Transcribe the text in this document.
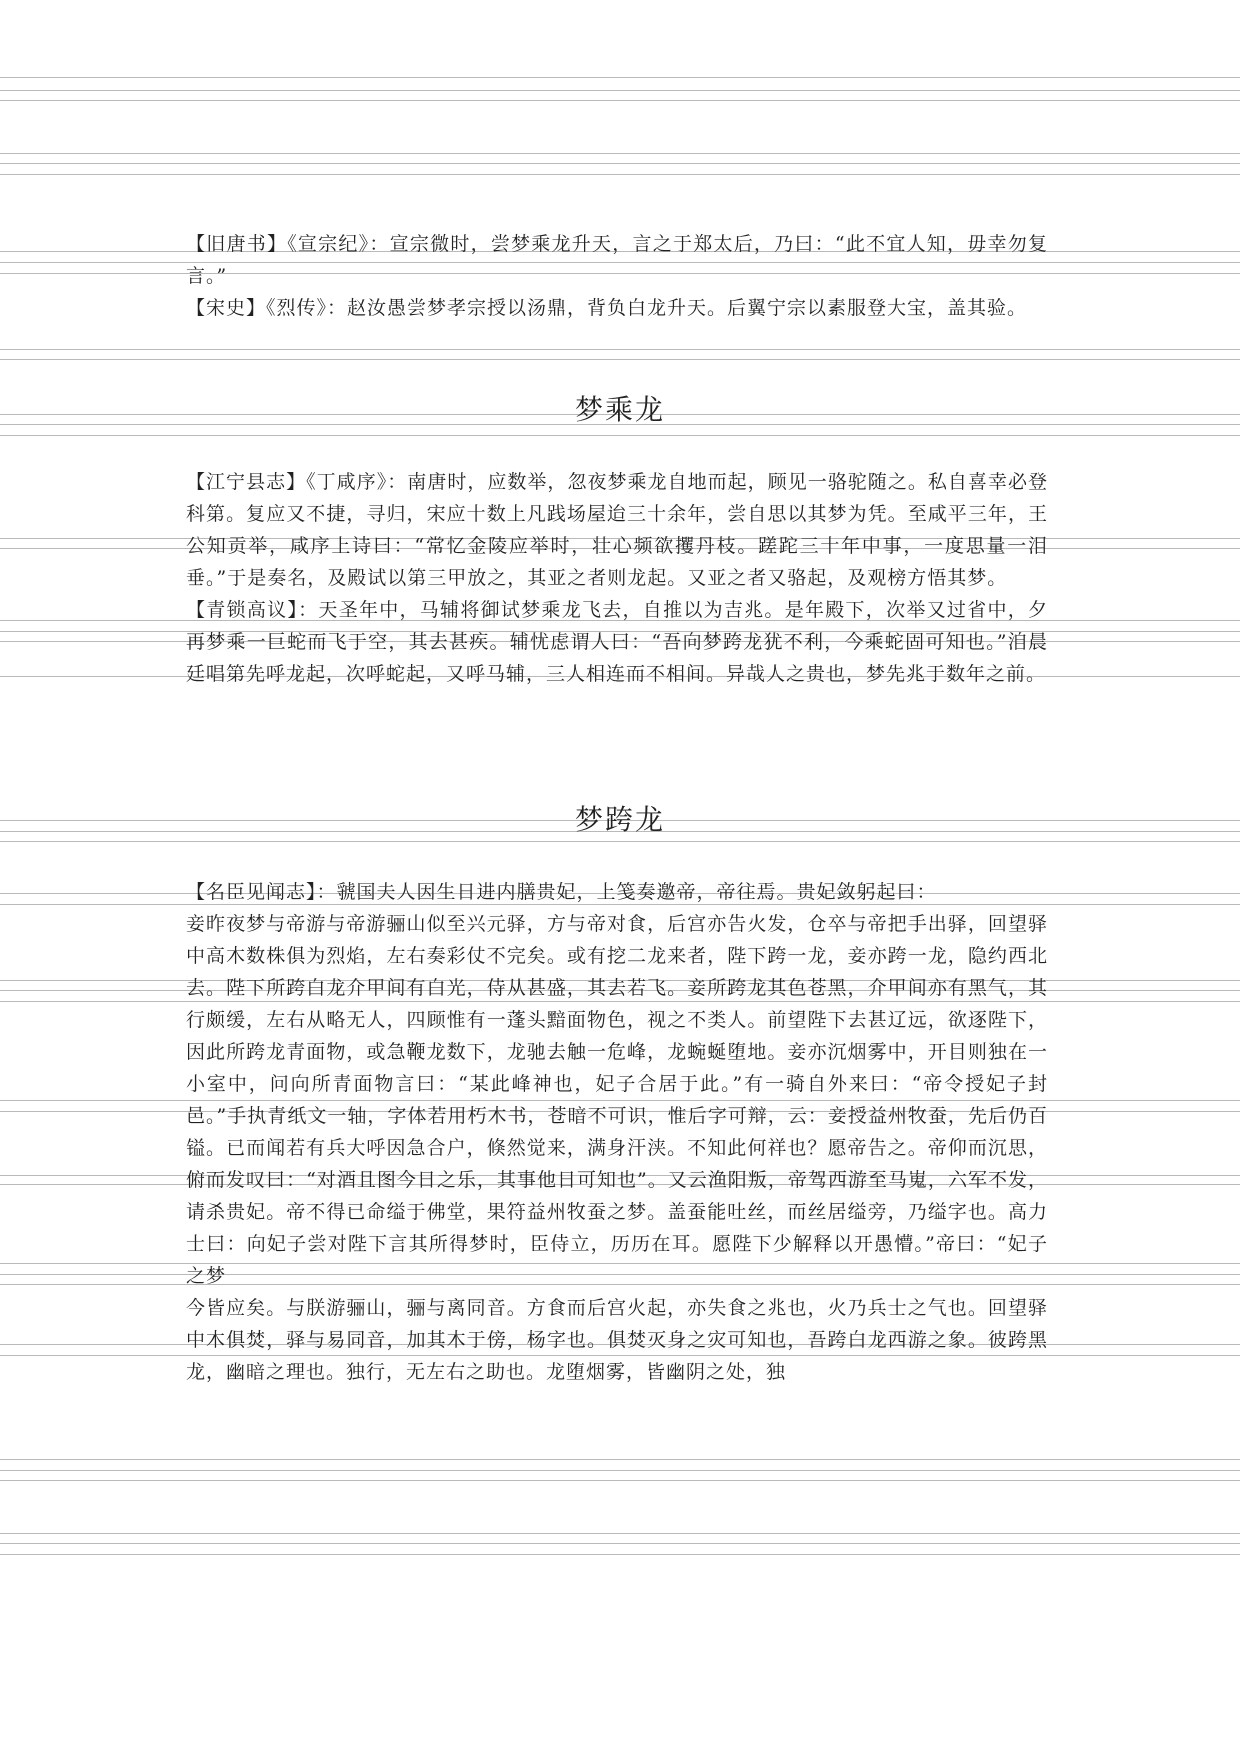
【旧唐书】《宣宗纪》：宣宗微时，尝梦乘龙升天，言之于郑太后，乃曰：“此不宜人知，毋幸勿复言。”

【宋史】《烈传》：赵汝愚尝梦孝宗授以汤鼎，背负白龙升天。后翼宁宗以素服登大宝，盖其验。

梦乘龙

【江宁县志】《丁咸序》：南唐时，应数举，忽夜梦乘龙自地而起，顾见一骆驼随之。私自喜幸必登科第。复应又不捷，寻归，宋应十数上凡践场屋迨三十余年，尝自思以其梦为凭。至咸平三年，王公知贡举，咸序上诗曰：“常忆金陵应举时，壮心频欲攫丹枝。蹉跎三十年中事，一度思量一泪垂。”于是奏名，及殿试以第三甲放之，其亚之者则龙起。又亚之者又骆起，及观榜方悟其梦。

【青锁高议】：天圣年中，马辅将御试梦乘龙飞去，自推以为吉兆。是年殿下，次举又过省中，夕再梦乘一巨蛇而飞于空，其去甚疾。辅忧虑谓人曰：“吾向梦跨龙犹不利，今乘蛇固可知也。”洎晨廷唱第先呼龙起，次呼蛇起，又呼马辅，三人相连而不相间。异哉人之贵也，梦先兆于数年之前。

梦跨龙

【名臣见闻志】：虢国夫人因生日进内膳贵妃，上笺奏邀帝，帝往焉。贵妃敛躬起曰：

妾昨夜梦与帝游与帝游骊山似至兴元驿，方与帝对食，后宫亦告火发，仓卒与帝把手出驿，回望驿中高木数株俱为烈焰，左右奏彩仗不完矣。或有挖二龙来者，陛下跨一龙，妾亦跨一龙，隐约西北去。陛下所跨白龙介甲间有白光，侍从甚盛，其去若飞。妾所跨龙其色苍黑，介甲间亦有黑气，其行颇缓，左右从略无人，四顾惟有一蓬头黯面物色，视之不类人。前望陛下去甚辽远，欲逐陛下，因此所跨龙青面物，或急鞭龙数下，龙驰去触一危峰，龙蜿蜒堕地。妾亦沉烟雾中，开目则独在一小室中，问向所青面物言曰：“某此峰神也，妃子合居于此。”有一骑自外来曰：“帝令授妃子封邑。”手执青纸文一轴，字体若用朽木书，苍暗不可识，惟后字可辩，云：妾授益州牧蚕，先后仍百镒。已而闻若有兵大呼因急合户，倏然觉来，满身汗浃。不知此何祥也？愿帝告之。帝仰而沉思，俯而发叹曰：“对酒且图今日之乐，其事他日可知也”。又云渔阳叛，帝驾西游至马嵬，六军不发，请杀贵妃。帝不得已命缢于佛堂，果符益州牧蚕之梦。盖蚕能吐丝，而丝居缢旁，乃缢字也。高力士曰：向妃子尝对陛下言其所得梦时，臣侍立，历历在耳。愿陛下少解释以开愚懵。”帝曰：“妃子之梦

今皆应矣。与朕游骊山，骊与离同音。方食而后宫火起，亦失食之兆也，火乃兵士之气也。回望驿中木俱焚，驿与易同音，加其木于傍，杨字也。俱焚灭身之灾可知也，吾跨白龙西游之象。彼跨黑龙，幽暗之理也。独行，无左右之助也。龙堕烟雾，皆幽阴之处，独
